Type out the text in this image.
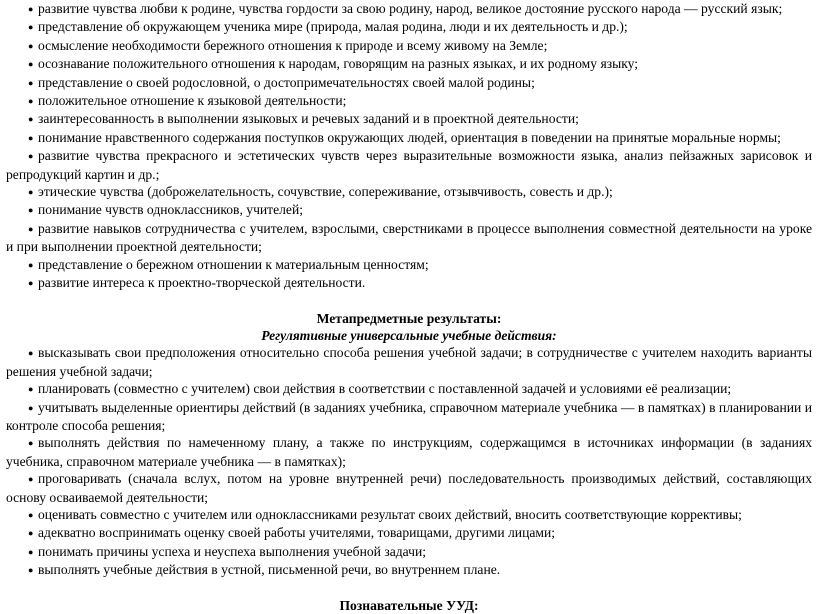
● развитие чувства любви к родине, чувства гордости за свою родину, народ, великое достояние русского народа — русский язык;

● представление об окружающем ученика мире (природа, малая родина, люди и их деятельность и др.);

● осмысление необходимости бережного отношения к природе и всему живому на Земле;

● осознавание положительного отношения к народам, говорящим на разных языках, и их родному языку;

● представление о своей родословной, о достопримечательностях своей малой родины;

● положительное отношение к языковой деятельности;

● заинтересованность в выполнении языковых и речевых заданий и в проектной деятельности;

● понимание нравственного содержания поступков окружающих людей, ориентация в поведении на принятые моральные нормы;

● развитие чувства прекрасного и эстетических чувств через выразительные возможности языка, анализ пейзажных зарисовок и репродукций картин и др.;

● этические чувства (доброжелательность, сочувствие, сопереживание, отзывчивость, совесть и др.);

● понимание чувств одноклассников, учителей;

● развитие навыков сотрудничества с учителем, взрослыми, сверстниками в процессе выполнения совместной деятельности на уроке и при выполнении проектной деятельности;

● представление о бережном отношении к материальным ценностям;

● развитие интереса к проектно-творческой деятельности.

Метапредметные результаты:

Регулятивные универсальные учебные действия:

● высказывать свои предположения относительно способа решения учебной задачи; в сотрудничестве с учителем находить варианты решения учебной задачи;

● планировать (совместно с учителем) свои действия в соответствии с поставленной задачей и условиями её реализации;

● учитывать выделенные ориентиры действий (в заданиях учебника, справочном материале учебника — в памятках) в планировании и контроле способа решения;

● выполнять действия по намеченному плану, а также по инструкциям, содержащимся в источниках информации (в заданиях учебника, справочном материале учебника — в памятках);

● проговаривать (сначала вслух, потом на уровне внутренней речи) последовательность производимых действий, составляющих основу осваиваемой деятельности;

● оценивать совместно с учителем или одноклассниками результат своих действий, вносить соответствующие коррективы;

● адекватно воспринимать оценку своей работы учителями, товарищами, другими лицами;

● понимать причины успеха и неуспеха выполнения учебной задачи;

● выполнять учебные действия в устной, письменной речи, во внутреннем плане.

Познавательные УУД:
